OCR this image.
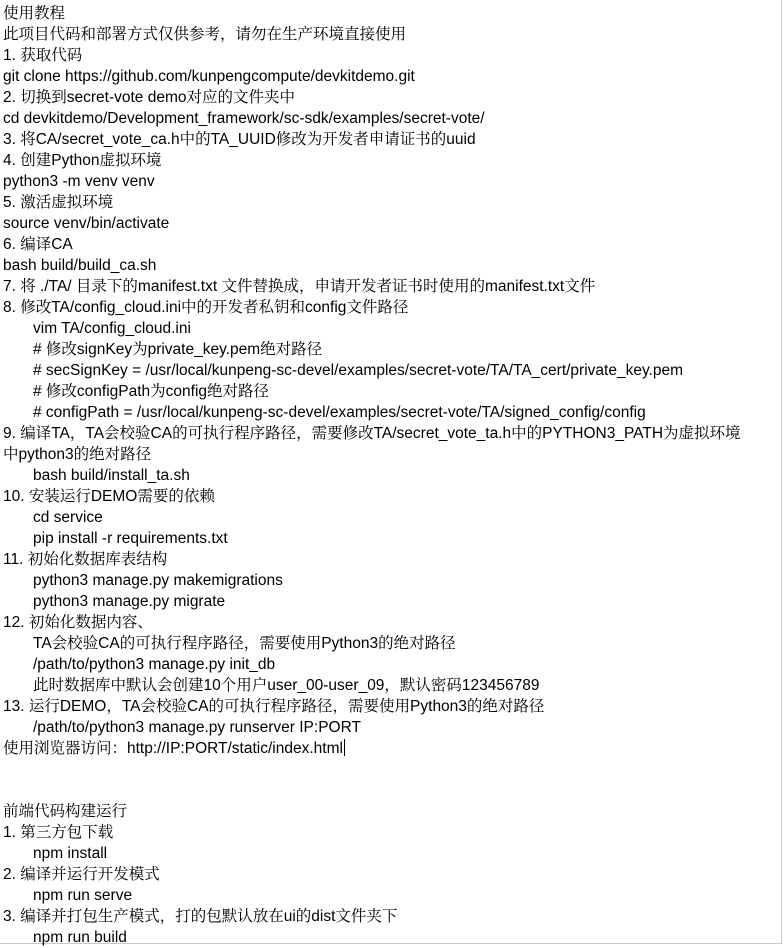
使用教程
此项目代码和部署方式仅供参考，请勿在生产环境直接使用
1. 获取代码
git clone https://github.com/kunpengcompute/devkitdemo.git
2. 切换到secret-vote demo对应的文件夹中
cd devkitdemo/Development_framework/sc-sdk/examples/secret-vote/
3. 将CA/secret_vote_ca.h中的TA_UUID修改为开发者申请证书的uuid
4. 创建Python虚拟环境
python3 -m venv venv
5. 激活虚拟环境
source venv/bin/activate
6. 编译CA
bash build/build_ca.sh
7. 将 ./TA/ 目录下的manifest.txt 文件替换成，申请开发者证书时使用的manifest.txt文件
8. 修改TA/config_cloud.ini中的开发者私钥和config文件路径
vim TA/config_cloud.ini
# 修改signKey为private_key.pem绝对路径
# secSignKey = /usr/local/kunpeng-sc-devel/examples/secret-vote/TA/TA_cert/private_key.pem
# 修改configPath为config绝对路径
# configPath = /usr/local/kunpeng-sc-devel/examples/secret-vote/TA/signed_config/config
9. 编译TA，TA会校验CA的可执行程序路径，需要修改TA/secret_vote_ta.h中的PYTHON3_PATH为虚拟环境
中python3的绝对路径
bash build/install_ta.sh
10. 安装运行DEMO需要的依赖
cd service
pip install -r requirements.txt
11. 初始化数据库表结构
python3 manage.py makemigrations
python3 manage.py migrate
12. 初始化数据内容、
TA会校验CA的可执行程序路径，需要使用Python3的绝对路径
/path/to/python3 manage.py init_db
此时数据库中默认会创建10个用户user_00-user_09，默认密码123456789
13. 运行DEMO，TA会校验CA的可执行程序路径，需要使用Python3的绝对路径
/path/to/python3 manage.py runserver IP:PORT
使用浏览器访问：http://IP:PORT/static/index.html
前端代码构建运行
1. 第三方包下载
npm install
2. 编译并运行开发模式
npm run serve
3. 编译并打包生产模式，打的包默认放在ui的dist文件夹下
npm run build
